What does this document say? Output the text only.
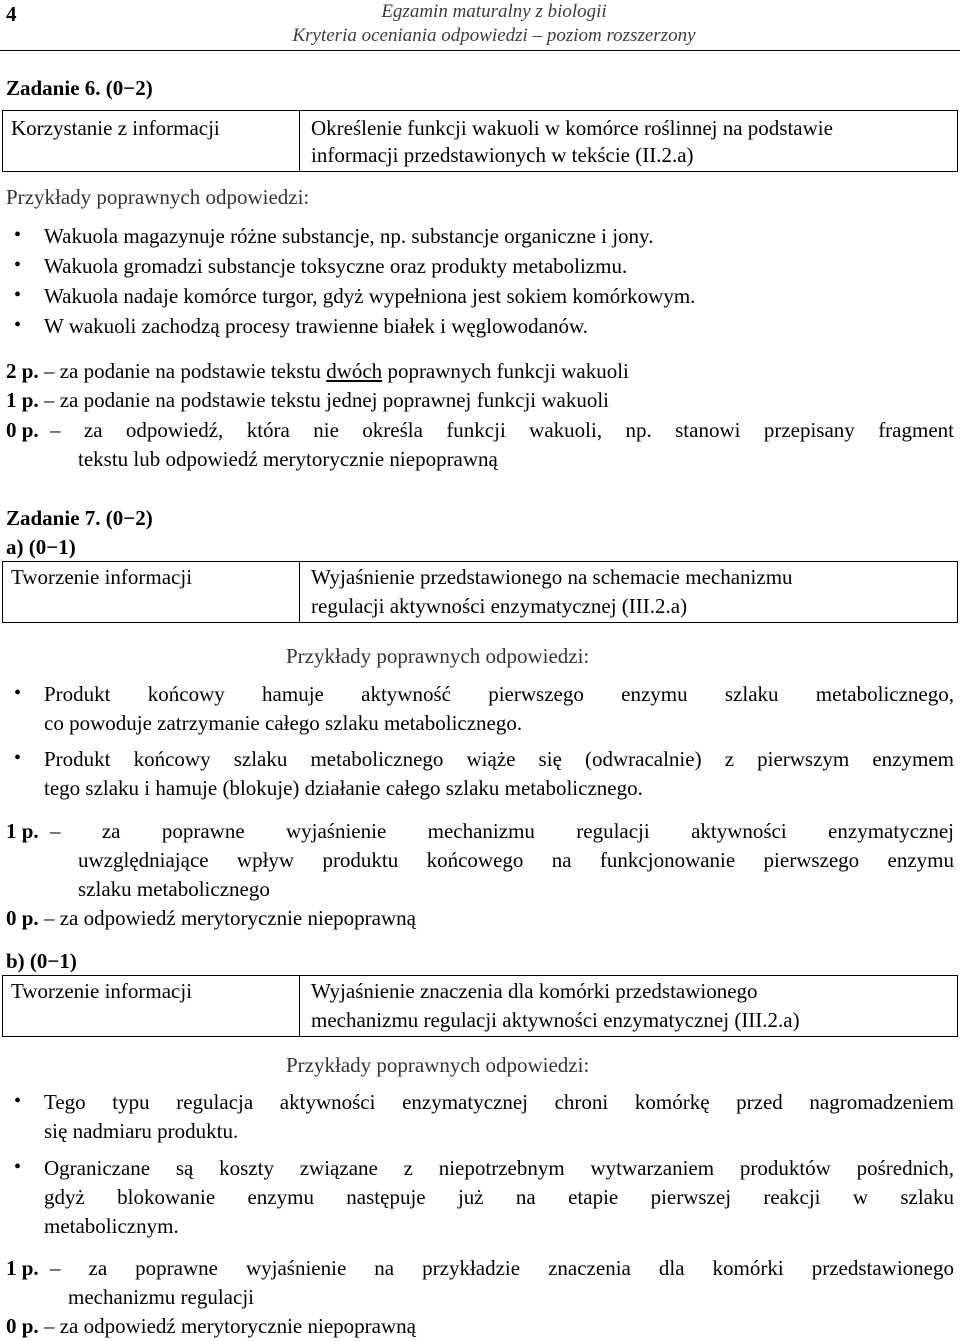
4	Egzamin maturalny z biologii
Kryteria oceniania odpowiedzi – poziom rozszerzony
Zadanie 6. (0−2)
Korzystanie z informacji	Określenie funkcji wakuoli w komórce roślinnej na podstawie
informacji przedstawionych w tekście (II.2.a)
Przykłady poprawnych odpowiedzi:
• Wakuola magazynuje różne substancje, np. substancje organiczne i jony.
• Wakuola gromadzi substancje toksyczne oraz produkty metabolizmu.
• Wakuola nadaje komórce turgor, gdyż wypełniona jest sokiem komórkowym.
• W wakuoli zachodzą procesy trawienne białek i węglowodanów.
2 p. – za podanie na podstawie tekstu dwóch poprawnych funkcji wakuoli
1 p. – za podanie na podstawie tekstu jednej poprawnej funkcji wakuoli
0 p. – za odpowiedź, która nie określa funkcji wakuoli, np. stanowi przepisany fragment
tekstu lub odpowiedź merytorycznie niepoprawną
Zadanie 7. (0−2)
a) (0−1)
Tworzenie informacji	Wyjaśnienie przedstawionego na schemacie mechanizmu
regulacji aktywności enzymatycznej (III.2.a)
Przykłady poprawnych odpowiedzi:
• Produkt końcowy hamuje aktywność pierwszego enzymu szlaku metabolicznego,
co powoduje zatrzymanie całego szlaku metabolicznego.
• Produkt końcowy szlaku metabolicznego wiąże się (odwracalnie) z pierwszym enzymem
tego szlaku i hamuje (blokuje) działanie całego szlaku metabolicznego.
1 p. – za poprawne wyjaśnienie mechanizmu regulacji aktywności enzymatycznej
uwzględniające wpływ produktu końcowego na funkcjonowanie pierwszego enzymu
szlaku metabolicznego
0 p. – za odpowiedź merytorycznie niepoprawną
b) (0−1)
Tworzenie informacji	Wyjaśnienie znaczenia dla komórki przedstawionego
mechanizmu regulacji aktywności enzymatycznej (III.2.a)
Przykłady poprawnych odpowiedzi:
• Tego typu regulacja aktywności enzymatycznej chroni komórkę przed nagromadzeniem
się nadmiaru produktu.
• Ograniczane są koszty związane z niepotrzebnym wytwarzaniem produktów pośrednich,
gdyż blokowanie enzymu następuje już na etapie pierwszej reakcji w szlaku
metabolicznym.
1 p. – za poprawne wyjaśnienie na przykładzie znaczenia dla komórki przedstawionego
mechanizmu regulacji
0 p. – za odpowiedź merytorycznie niepoprawną
